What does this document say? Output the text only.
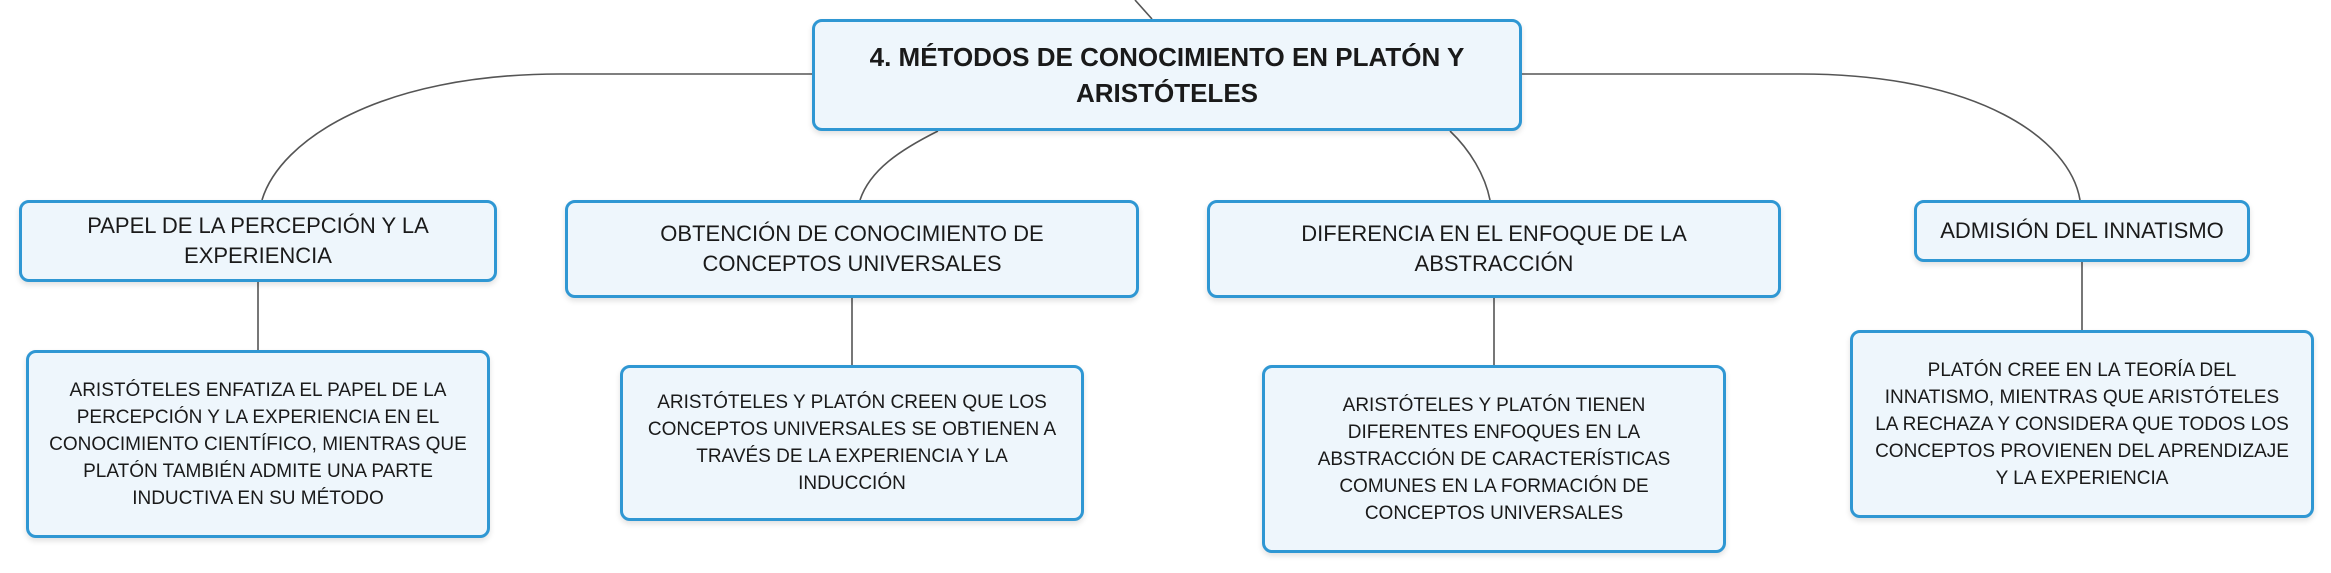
4. MÉTODOS DE CONOCIMIENTO EN PLATÓN Y ARISTÓTELES
PAPEL DE LA PERCEPCIÓN Y LA EXPERIENCIA
OBTENCIÓN DE CONOCIMIENTO DE CONCEPTOS UNIVERSALES
DIFERENCIA EN EL ENFOQUE DE LA ABSTRACCIÓN
ADMISIÓN DEL INNATISMO
ARISTÓTELES ENFATIZA EL PAPEL DE LA PERCEPCIÓN Y LA EXPERIENCIA EN EL CONOCIMIENTO CIENTÍFICO, MIENTRAS QUE PLATÓN TAMBIÉN ADMITE UNA PARTE INDUCTIVA EN SU MÉTODO
ARISTÓTELES Y PLATÓN CREEN QUE LOS CONCEPTOS UNIVERSALES SE OBTIENEN A TRAVÉS DE LA EXPERIENCIA Y LA INDUCCIÓN
ARISTÓTELES Y PLATÓN TIENEN DIFERENTES ENFOQUES EN LA ABSTRACCIÓN DE CARACTERÍSTICAS COMUNES EN LA FORMACIÓN DE CONCEPTOS UNIVERSALES
PLATÓN CREE EN LA TEORÍA DEL INNATISMO, MIENTRAS QUE ARISTÓTELES LA RECHAZA Y CONSIDERA QUE TODOS LOS CONCEPTOS PROVIENEN DEL APRENDIZAJE Y LA EXPERIENCIA
